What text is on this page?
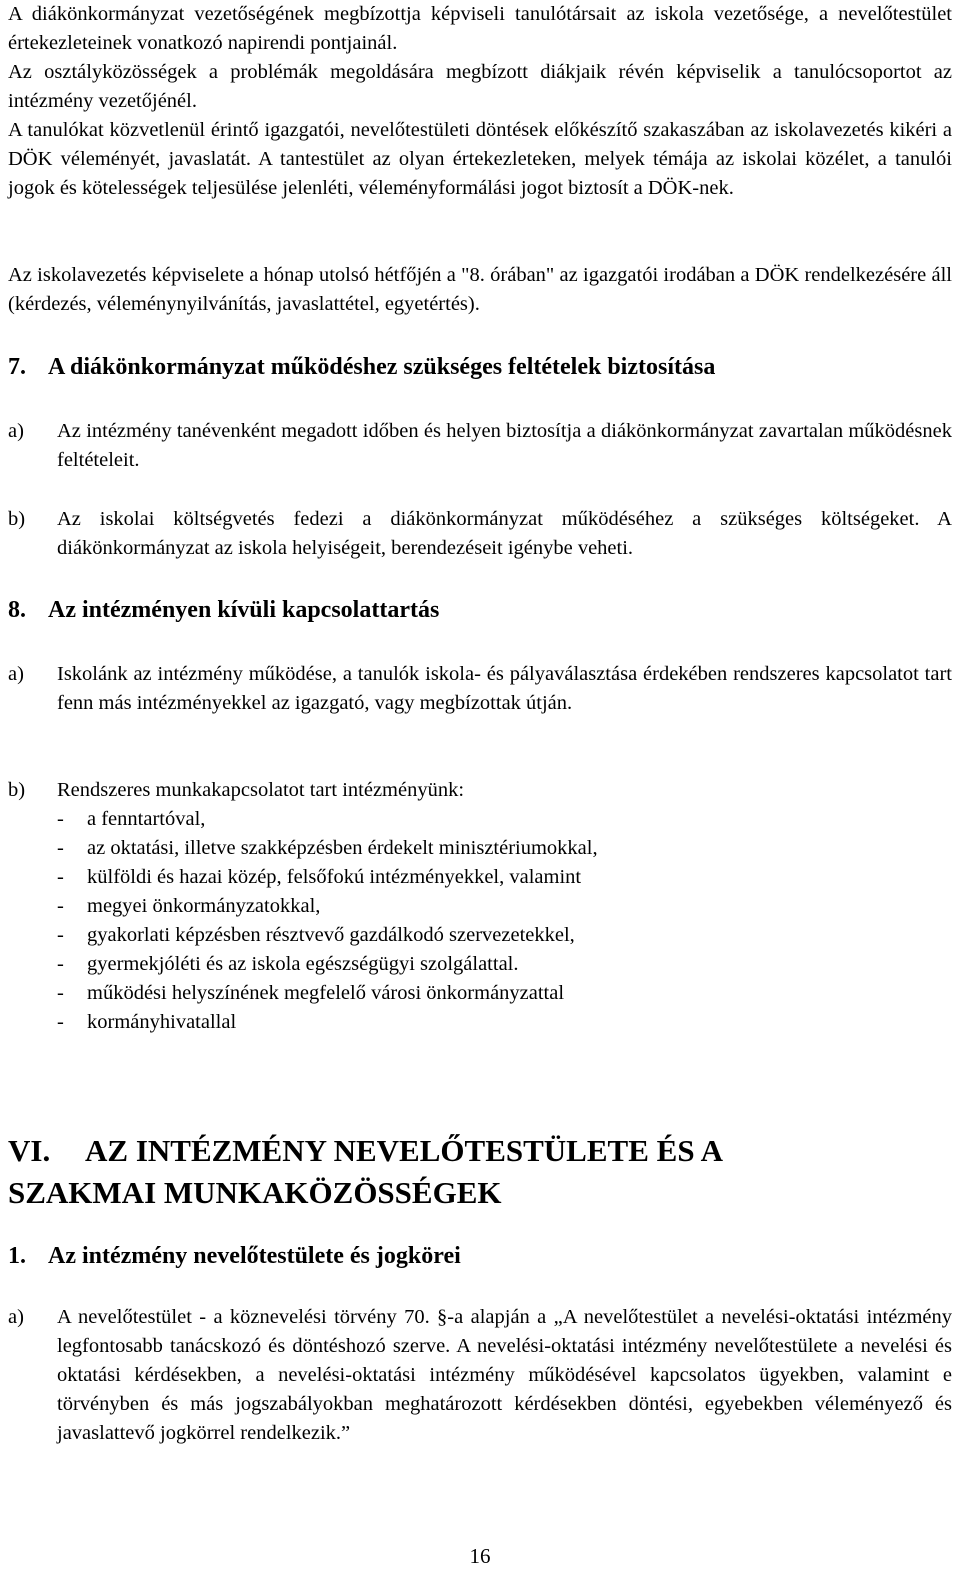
A diákönkormányzat vezetőségének megbízottja képviseli tanulótársait az iskola vezetősége, a nevelőtestület értekezleteinek vonatkozó napirendi pontjainál.
Az osztályközösségek a problémák megoldására megbízott diákjaik révén képviselik a tanulócsoportot az intézmény vezetőjénél.
A tanulókat közvetlenül érintő igazgatói, nevelőtestületi döntések előkészítő szakaszában az iskolavezetés kikéri a DÖK véleményét, javaslatát. A tantestület az olyan értekezleteken, melyek témája az iskolai közélet, a tanulói jogok és kötelességek teljesülése jelenléti, véleményformálási jogot biztosít a DÖK-nek.
Az iskolavezetés képviselete a hónap utolsó hétfőjén a "8. órában" az igazgatói irodában a DÖK rendelkezésére áll (kérdezés, véleménynyilvánítás, javaslattétel, egyetértés).
7. A diákönkormányzat működéshez szükséges feltételek biztosítása
a)	Az intézmény tanévenként megadott időben és helyen biztosítja a diákönkormányzat zavartalan működésnek feltételeit.
b)	Az iskolai költségvetés fedezi a diákönkormányzat működéséhez a szükséges költségeket. A diákönkormányzat az iskola helyiségeit, berendezéseit igénybe veheti.
8. Az intézményen kívüli kapcsolattartás
a)	Iskolánk az intézmény működése, a tanulók iskola- és pályaválasztása érdekében rendszeres kapcsolatot tart fenn más intézményekkel az igazgató, vagy megbízottak útján.
b)	Rendszeres munkakapcsolatot tart intézményünk:
- a fenntartóval,
- az oktatási, illetve szakképzésben érdekelt minisztériumokkal,
- külföldi és hazai közép, felsőfokú intézményekkel, valamint
- megyei önkormányzatokkal,
- gyakorlati képzésben résztvevő gazdálkodó szervezetekkel,
- gyermekjóléti és az iskola egészségügyi szolgálattal.
- működési helyszínének megfelelő városi önkormányzattal
- kormányhivatallal
VI. AZ INTÉZMÉNY NEVELŐTESTÜLETE ÉS A
SZAKMAI MUNKAKÖZÖSSÉGEK
1. Az intézmény nevelőtestülete és jogkörei
a)	A nevelőtestület - a köznevelési törvény 70. §-a alapján a „A nevelőtestület a nevelési-oktatási intézmény legfontosabb tanácskozó és döntéshozó szerve. A nevelési-oktatási intézmény nevelőtestülete a nevelési és oktatási kérdésekben, a nevelési-oktatási intézmény működésével kapcsolatos ügyekben, valamint e törvényben és más jogszabályokban meghatározott kérdésekben döntési, egyebekben véleményező és javaslattevő jogkörrel rendelkezik.”
16
